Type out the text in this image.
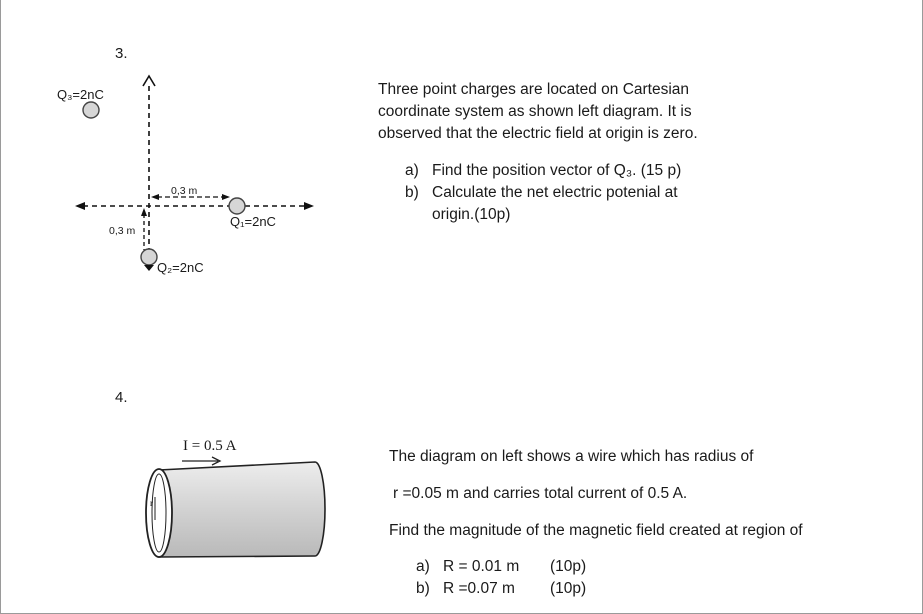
3.
Q₃=2nC
Q₁=2nC
Q₂=2nC
0,3 m
0,3 m
r
I = 0.5 A

Three point charges are located on Cartesian

coordinate system as shown left diagram. It is

observed that the electric field at origin is zero.

a) Find the position vector of Q₃. (15 p)
b) Calculate the net electric potenial at
origin.(10p)
4.

The diagram on left shows a wire which has radius of

r =0.05 m and carries total current of 0.5 A.

Find the magnitude of the magnetic field created at region of

a) R = 0.01 m (10p)
b) R =0.07 m (10p)
